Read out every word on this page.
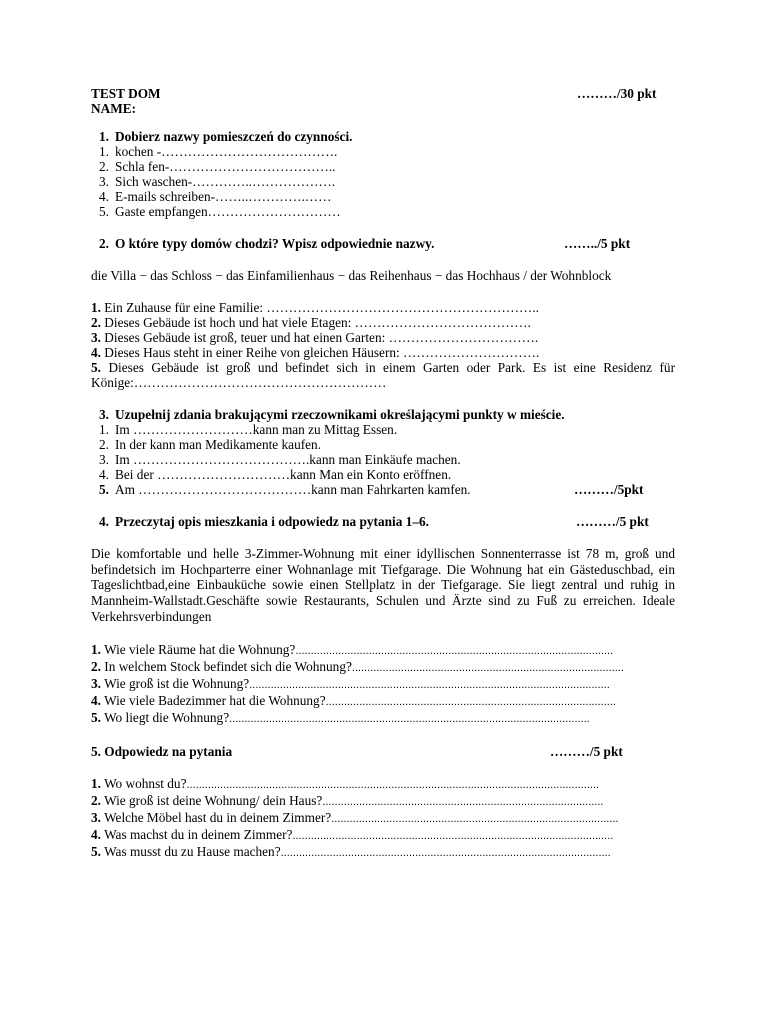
TEST DOM	………/30 pkt
NAME:
1. Dobierz nazwy pomieszczeń do czynności.
1. kochen -………………………………….
2. Schla fen-………………………………..
3. Sich waschen-…………..……………….
4. E-mails schreiben-……..………….……
5. Gaste empfangen…………………………
2. O które typy domów chodzi? Wpisz odpowiednie nazwy.	……../5 pkt
die Villa − das Schloss − das Einfamilienhaus − das Reihenhaus − das Hochhaus / der Wohnblock
1. Ein Zuhause für eine Familie: ……………………………………………………..
2. Dieses Gebäude ist hoch und hat viele Etagen: ………………………………….
3. Dieses Gebäude ist groß, teuer und hat einen Garten: …………………………….
4. Dieses Haus steht in einer Reihe von gleichen Häusern: ………………………….
5. Dieses Gebäude ist groß und befindet sich in einem Garten oder Park. Es ist eine Residenz für Könige:…………………………………………………
3. Uzupełnij zdania brakującymi rzeczownikami określającymi punkty w mieście.
1. Im ………………………kann man zu Mittag Essen.
2. In der kann man Medikamente kaufen.
3. Im ………………………………….kann man Einkäufe machen.
4. Bei der …………………………kann Man ein Konto eröffnen.
5. Am …………………………………kann man Fahrkarten kamfen.	………/5pkt
4. Przeczytaj opis mieszkania i odpowiedz na pytania 1–6.	………/5 pkt
Die komfortable und helle 3-Zimmer-Wohnung mit einer idyllischen Sonnenterrasse ist 78 m, groß und befindetsich im Hochparterre einer Wohnanlage mit Tiefgarage. Die Wohnung hat ein Gästeduschbad, ein Tageslichtbad,eine Einbauküche sowie einen Stellplatz in der Tiefgarage. Sie liegt zentral und ruhig in Mannheim-Wallstadt.Geschäfte sowie Restaurants, Schulen und Ärzte sind zu Fuß zu erreichen. Ideale Verkehrsverbindungen
1. Wie viele Räume hat die Wohnung?........................................................................................................
2. In welchem Stock befindet sich die Wohnung?.........................................................................................
3. Wie groß ist die Wohnung?......................................................................................................................
4. Wie viele Badezimmer hat die Wohnung?...............................................................................................
5. Wo liegt die Wohnung?......................................................................................................................
5. Odpowiedz na pytania	………/5 pkt
1. Wo wohnst du?.......................................................................................................................................
2. Wie groß ist deine Wohnung/ dein Haus?............................................................................................
3. Welche Möbel hast du in deinem Zimmer?..............................................................................................
4. Was machst du in deinem Zimmer?.........................................................................................................
5. Was musst du zu Hause machen?............................................................................................................
